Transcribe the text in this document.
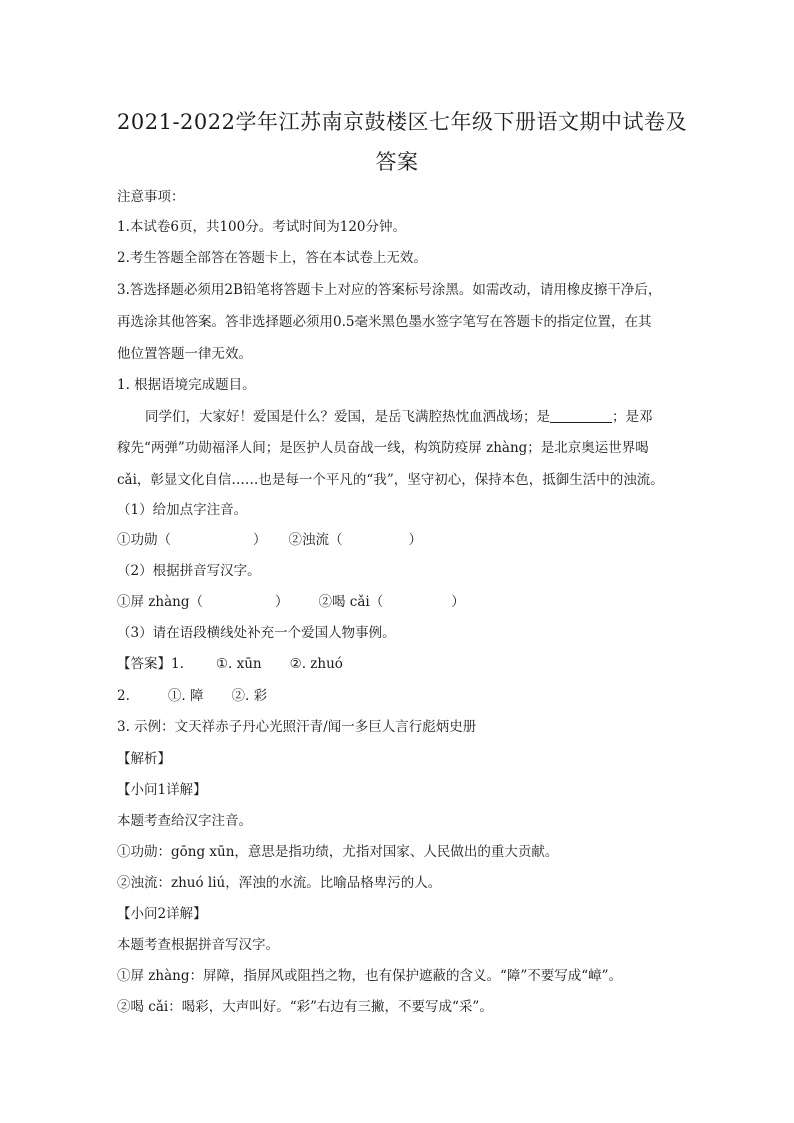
2021-2022学年江苏南京鼓楼区七年级下册语文期中试卷及
答案
注意事项：
1.本试卷6页，共100分。考试时间为120分钟。
2.考生答题全部答在答题卡上，答在本试卷上无效。
3.答选择题必须用2B铅笔将答题卡上对应的答案标号涂黑。如需改动，请用橡皮擦干净后，
再选涂其他答案。答非选择题必须用0.5毫米黑色墨水签字笔写在答题卡的指定位置，在其
他位置答题一律无效。
1. 根据语境完成题目。
同学们，大家好！爱国是什么？爱国，是岳飞满腔热忱血洒战场；是	；是邓
稼先“两弹”功勋福泽人间；是医护人员奋战一线，构筑防疫屏 zhàng；是北京奥运世界喝
cǎi，彰显文化自信……也是每一个平凡的“我”，坚守初心，保持本色，抵御生活中的浊流。
（1）给加点字注音。
①功勋（	） ②浊流（	）
（2）根据拼音写汉字。
①屏 zhàng（	） ②喝 cǎi（	）
（3）请在语段横线处补充一个爱国人物事例。
【答案】1. ①. xūn ②. zhuó
2.	①. 障 ②. 彩
3. 示例：文天祥赤子丹心光照汗青/闻一多巨人言行彪炳史册
【解析】
【小问1详解】
本题考查给汉字注音。
①功勋：gōng xūn，意思是指功绩，尤指对国家、人民做出的重大贡献。
②浊流：zhuó liú，浑浊的水流。比喻品格卑污的人。
【小问2详解】
本题考查根据拼音写汉字。
①屏 zhàng：屏障，指屏风或阻挡之物，也有保护遮蔽的含义。“障”不要写成“嶂”。
②喝 cǎi：喝彩，大声叫好。“彩”右边有三撇，不要写成“采”。
